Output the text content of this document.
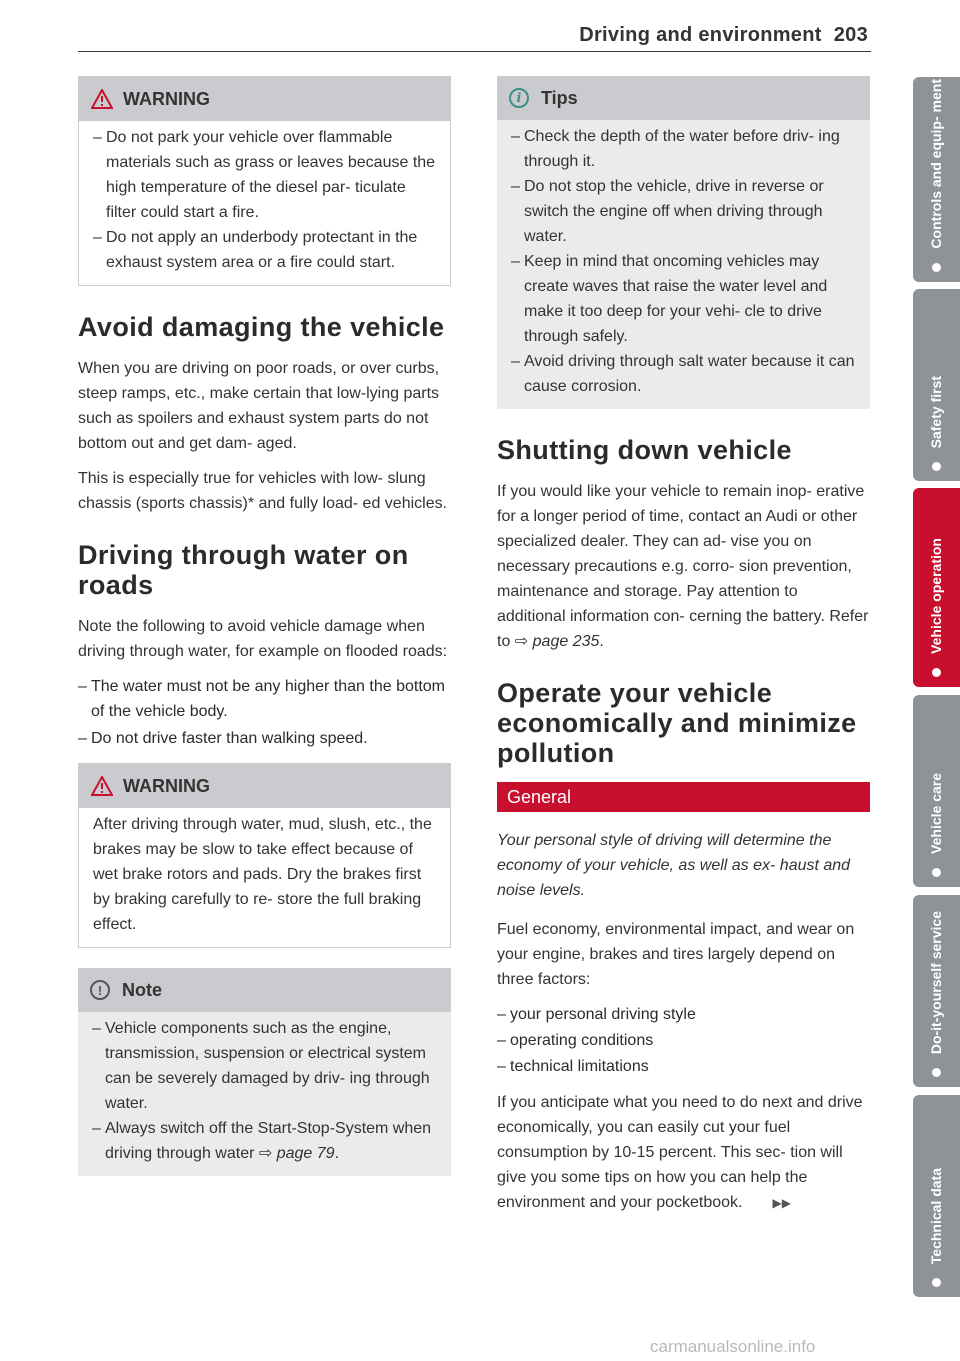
Driving and environment 203
WARNING
– Do not park your vehicle over flammable materials such as grass or leaves because the high temperature of the diesel par- ticulate filter could start a fire.
– Do not apply an underbody protectant in the exhaust system area or a fire could start.
Avoid damaging the vehicle

When you are driving on poor roads, or over curbs, steep ramps, etc., make certain that low-lying parts such as spoilers and exhaust system parts do not bottom out and get dam- aged.

This is especially true for vehicles with low- slung chassis (sports chassis)* and fully load- ed vehicles.

Driving through water on roads

Note the following to avoid vehicle damage when driving through water, for example on flooded roads:

– The water must not be any higher than the bottom of the vehicle body.
– Do not drive faster than walking speed.
WARNING

After driving through water, mud, slush, etc., the brakes may be slow to take effect because of wet brake rotors and pads. Dry the brakes first by braking carefully to re- store the full braking effect.

!	Note
– Vehicle components such as the engine, transmission, suspension or electrical system can be severely damaged by driv- ing through water.
– Always switch off the Start-Stop-System when driving through water ⇨ page 79.
i	Tips
– Check the depth of the water before driv- ing through it.
– Do not stop the vehicle, drive in reverse or switch the engine off when driving through water.
– Keep in mind that oncoming vehicles may create waves that raise the water level and make it too deep for your vehi- cle to drive through safely.
– Avoid driving through salt water because it can cause corrosion.
Shutting down vehicle

If you would like your vehicle to remain inop- erative for a longer period of time, contact an Audi or other specialized dealer. They can ad- vise you on necessary precautions e.g. corro- sion prevention, maintenance and storage. Pay attention to additional information con- cerning the battery. Refer to ⇨ page 235.

Operate your vehicle economically and minimize pollution
General

Your personal style of driving will determine the economy of your vehicle, as well as ex- haust and noise levels.

Fuel economy, environmental impact, and wear on your engine, brakes and tires largely depend on three factors:

– your personal driving style
– operating conditions
– technical limitations

If you anticipate what you need to do next and drive economically, you can easily cut your fuel consumption by 10-15 percent. This sec- tion will give you some tips on how you can help the environment and your pocketbook.	▶▶

Controls and equip- ment
Safety first
Vehicle operation
Vehicle care
Do-it-yourself service
Technical data
carmanualsonline.info
